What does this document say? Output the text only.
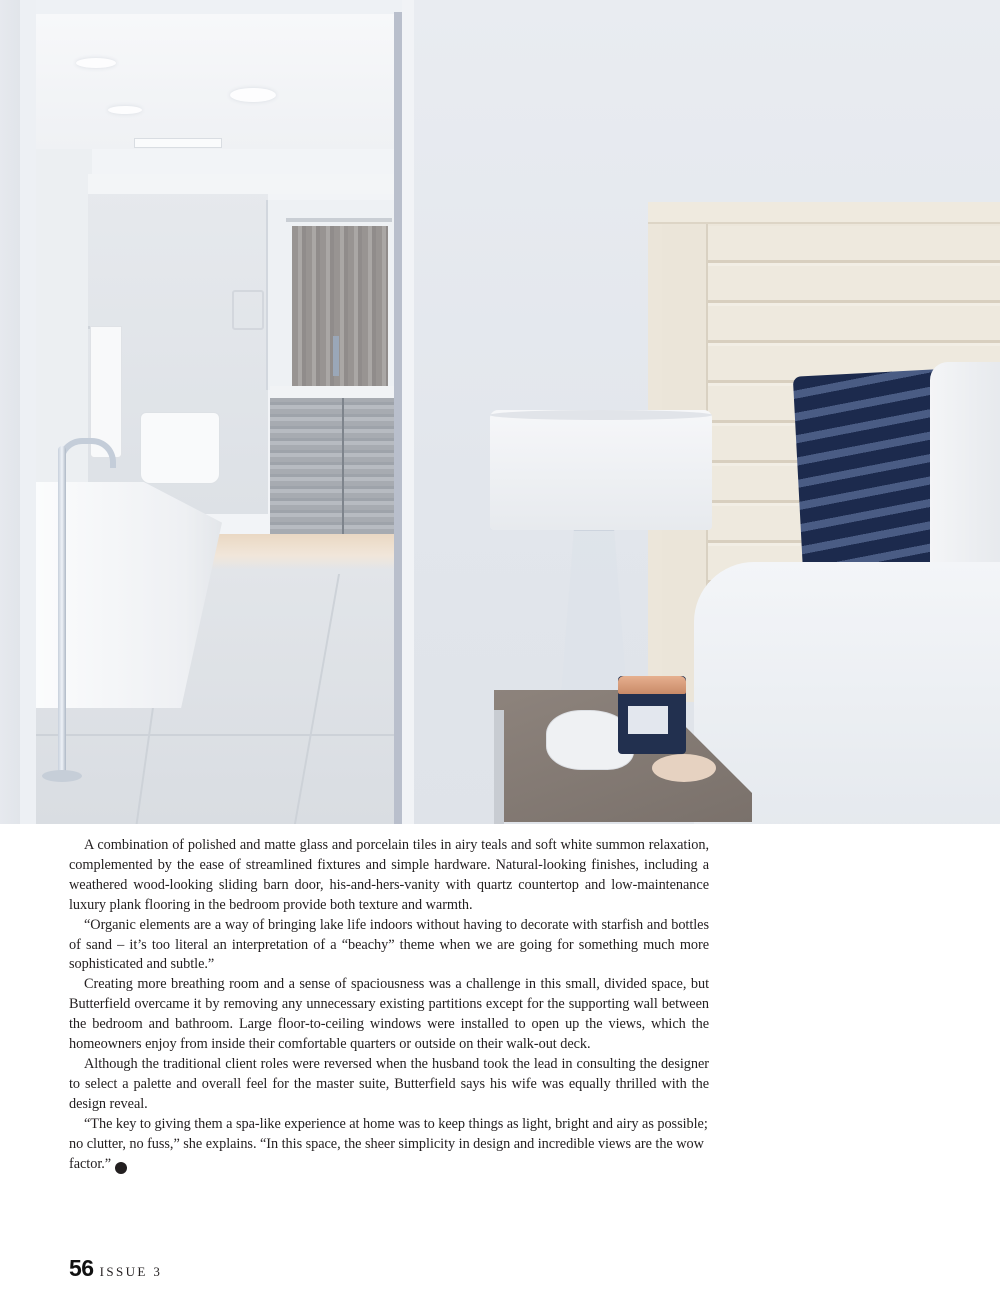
A combination of polished and matte glass and porcelain tiles in airy teals and soft white summon relaxation, complemented by the ease of streamlined fixtures and simple hardware. Natural-looking finishes, including a weathered wood-looking sliding barn door, his-and-hers-vanity with quartz countertop and low-maintenance luxury plank flooring in the bedroom provide both texture and warmth.

“Organic elements are a way of bringing lake life indoors without having to decorate with starfish and bottles of sand – it’s too literal an interpretation of a “beachy” theme when we are going for something much more sophisticated and subtle.”

Creating more breathing room and a sense of spaciousness was a challenge in this small, divided space, but Butterfield overcame it by removing any unnecessary existing partitions except for the supporting wall between the bedroom and bathroom. Large floor-to-ceiling windows were installed to open up the views, which the homeowners enjoy from inside their comfortable quarters or outside on their walk-out deck.

Although the traditional client roles were reversed when the husband took the lead in consulting the designer to select a palette and overall feel for the master suite, Butterfield says his wife was equally thrilled with the design reveal.

“The key to giving them a spa-like experience at home was to keep things as light, bright and airy as possible; no clutter, no fuss,” she explains. “In this space, the sheer simplicity in design and incredible views are the wow factor.”	AH

56 ISSUE 3
